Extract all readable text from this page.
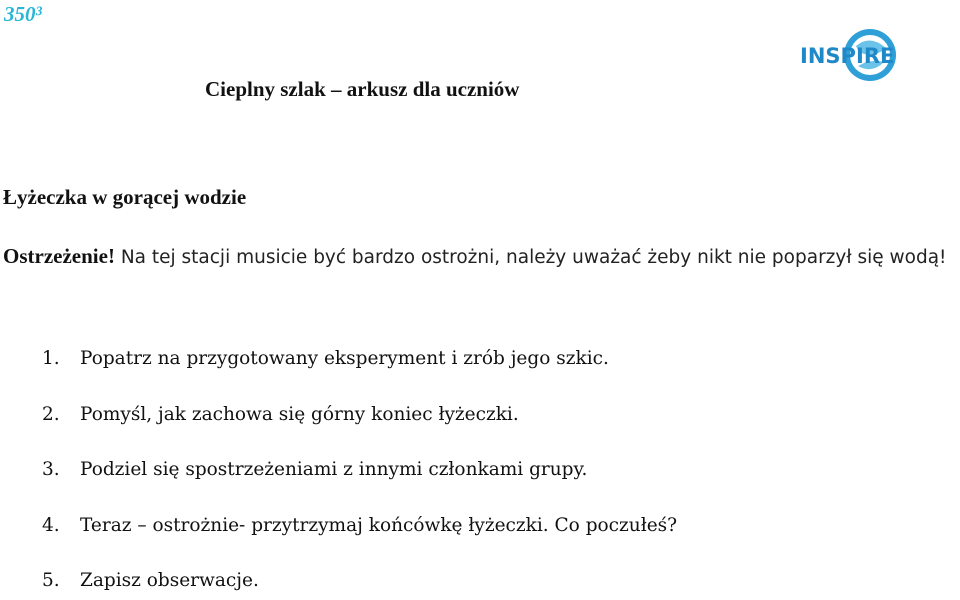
350³
INSP IRE
Cieplny szlak – arkusz dla uczniów
Łyżeczka w gorącej wodzie
Ostrzeżenie! Na tej stacji musicie być bardzo ostrożni, należy uważać żeby nikt nie poparzył się wodą!
1.	Popatrz na przygotowany eksperyment i zrób jego szkic.
2.	Pomyśl, jak zachowa się górny koniec łyżeczki.
3.	Podziel się spostrzeżeniami z innymi członkami grupy.
4.	Teraz – ostrożnie- przytrzymaj końcówkę łyżeczki. Co poczułeś?
5.	Zapisz obserwacje.
